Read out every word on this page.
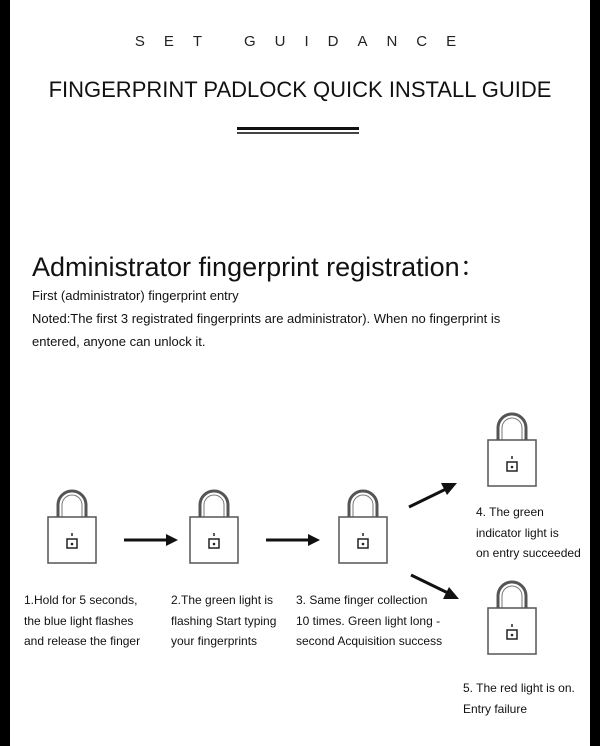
SET GUIDANCE
FINGERPRINT PADLOCK QUICK INSTALL GUIDE
Administrator fingerprint registration：
First (administrator) fingerprint entry
Noted:The first 3 registrated fingerprints are administrator). When no fingerprint is
entered, anyone can unlock it.
1.Hold for 5 seconds,
the blue light flashes
and release the finger
2.The green light is
flashing Start typing
your fingerprints
3. Same finger collection
10 times. Green light long -
second Acquisition success
4. The green
indicator light is
on entry succeeded
5. The red light is on.
Entry failure
